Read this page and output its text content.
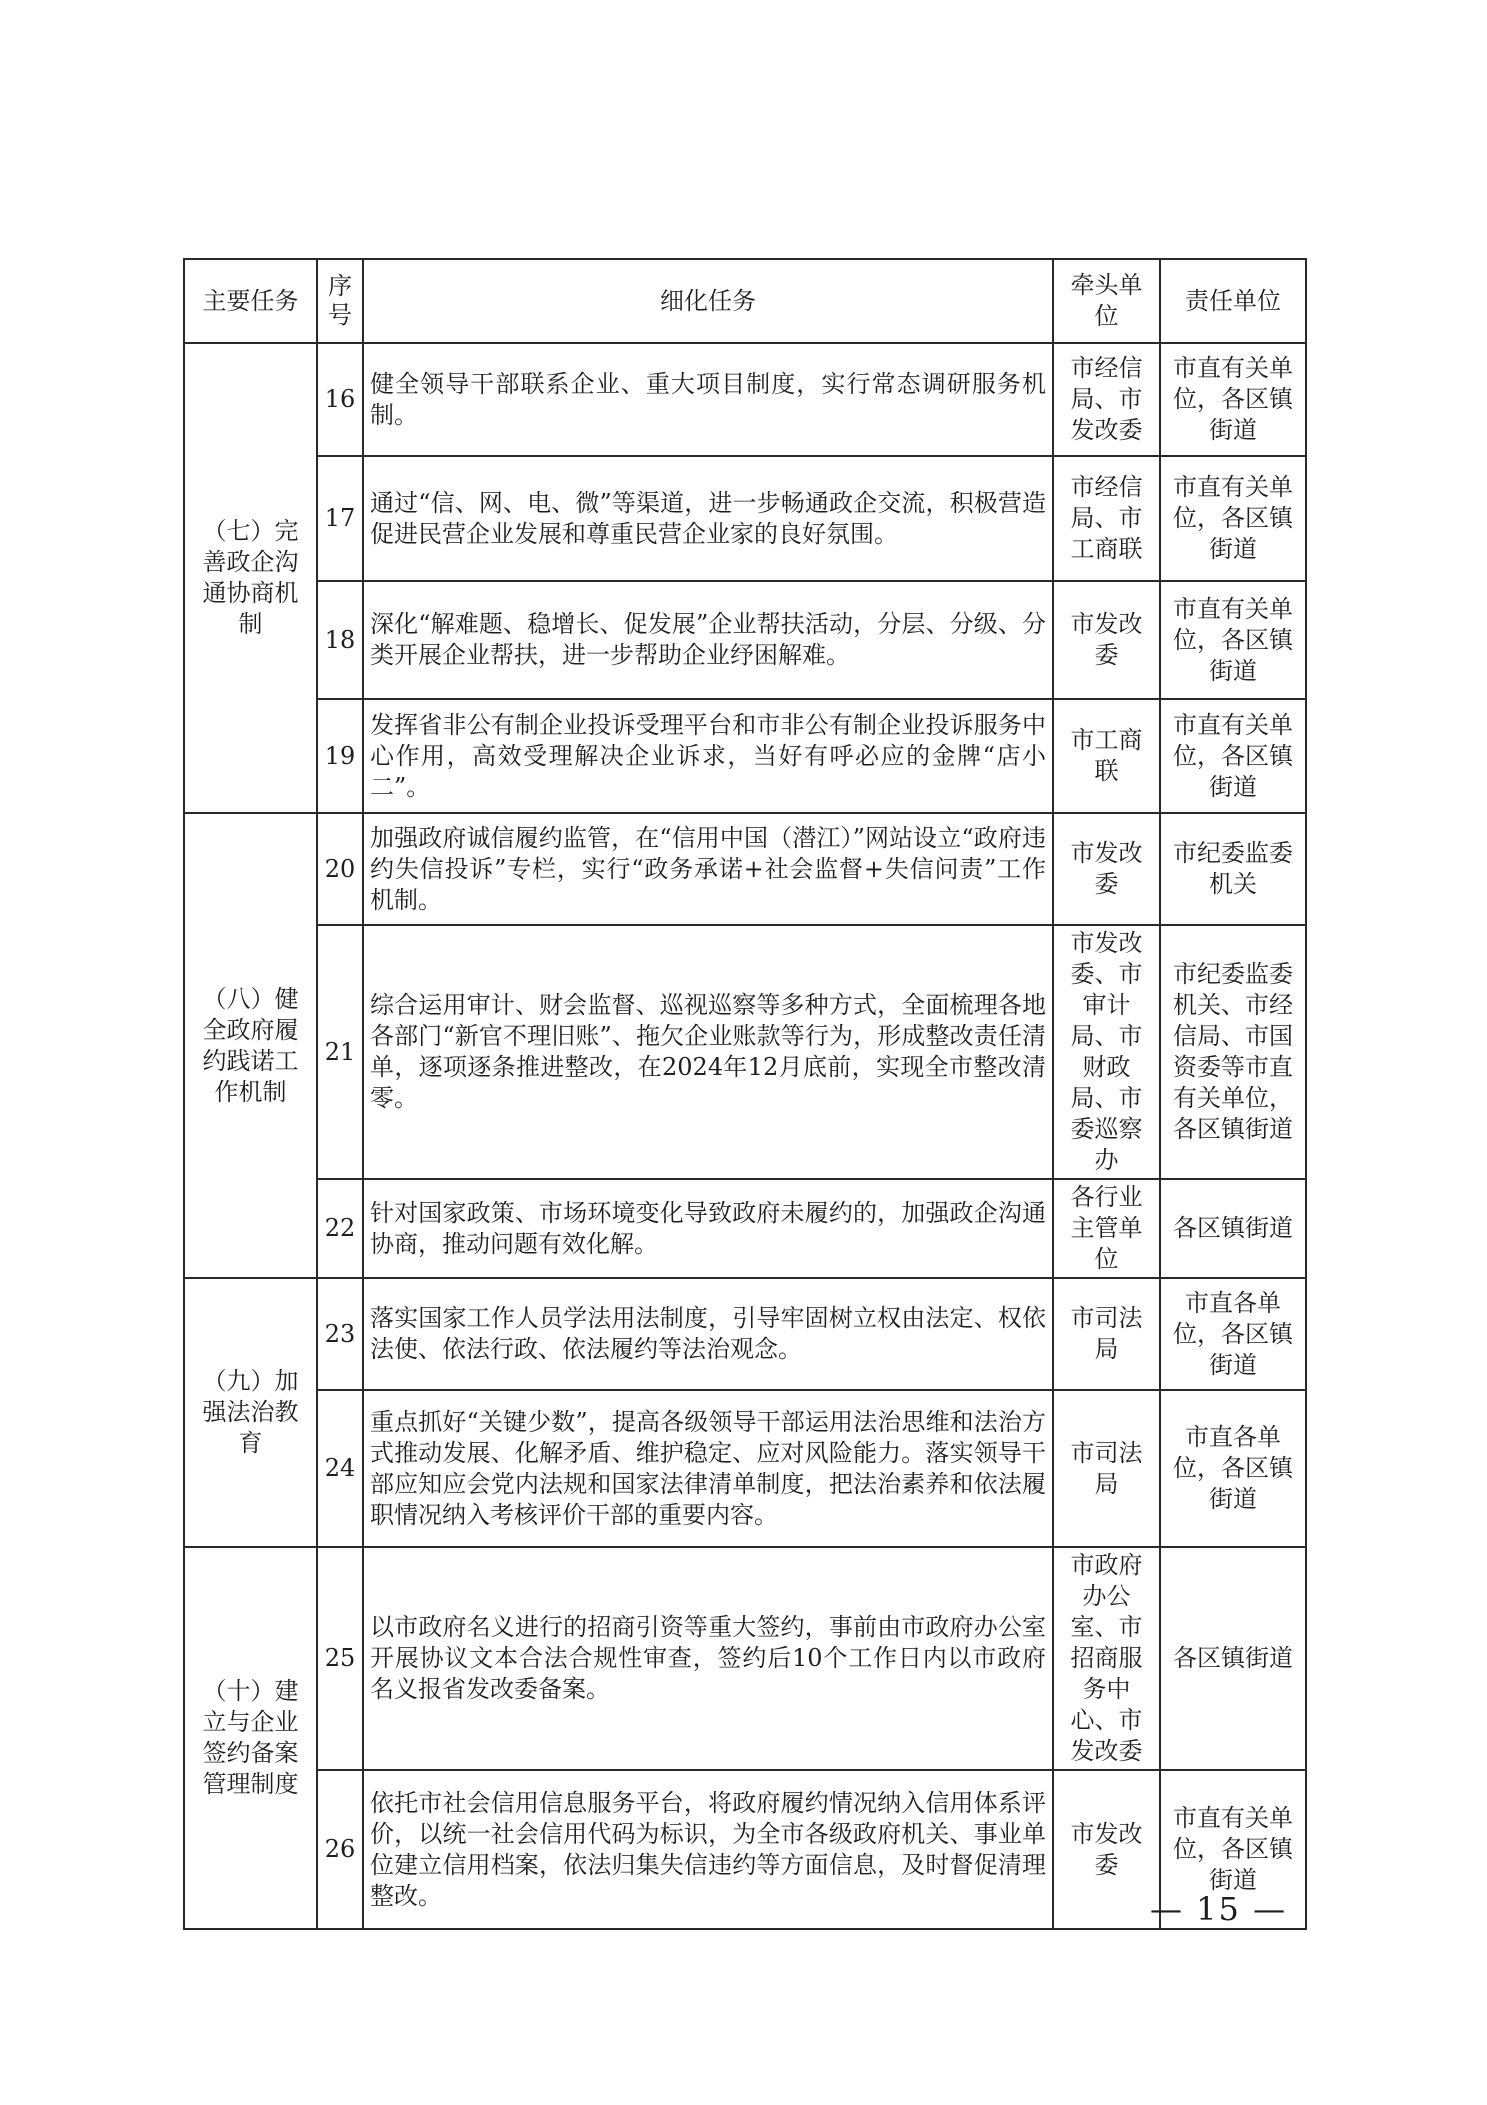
主要任务	序号	细化任务	牵头单位	责任单位
（七）完善政企沟通协商机制	16	健全领导干部联系企业、重大项目制度，实行常态调研服务机制。	市经信局、市发改委	市直有关单位，各区镇街道
	17	通过“信、网、电、微”等渠道，进一步畅通政企交流，积极营造促进民营企业发展和尊重民营企业家的良好氛围。	市经信局、市工商联	市直有关单位，各区镇街道
	18	深化“解难题、稳增长、促发展”企业帮扶活动，分层、分级、分类开展企业帮扶，进一步帮助企业纾困解难。	市发改委	市直有关单位，各区镇街道
	19	发挥省非公有制企业投诉受理平台和市非公有制企业投诉服务中心作用，高效受理解决企业诉求，当好有呼必应的金牌“店小二”。	市工商联	市直有关单位，各区镇街道
（八）健全政府履约践诺工作机制	20	加强政府诚信履约监管，在“信用中国（潜江）”网站设立“政府违约失信投诉”专栏，实行“政务承诺+社会监督+失信问责”工作机制。	市发改委	市纪委监委机关
	21	综合运用审计、财会监督、巡视巡察等多种方式，全面梳理各地各部门“新官不理旧账”、拖欠企业账款等行为，形成整改责任清单，逐项逐条推进整改，在2024年12月底前，实现全市整改清零。	市发改委、市审计局、市财政局、市委巡察办	市纪委监委机关、市经信局、市国资委等市直有关单位，各区镇街道
	22	针对国家政策、市场环境变化导致政府未履约的，加强政企沟通协商，推动问题有效化解。	各行业主管单位	各区镇街道
（九）加强法治教育	23	落实国家工作人员学法用法制度，引导牢固树立权由法定、权依法使、依法行政、依法履约等法治观念。	市司法局	市直各单位，各区镇街道
	24	重点抓好“关键少数”，提高各级领导干部运用法治思维和法治方式推动发展、化解矛盾、维护稳定、应对风险能力。落实领导干部应知应会党内法规和国家法律清单制度，把法治素养和依法履职情况纳入考核评价干部的重要内容。	市司法局	市直各单位，各区镇街道
（十）建立与企业签约备案管理制度	25	以市政府名义进行的招商引资等重大签约，事前由市政府办公室开展协议文本合法合规性审查，签约后10个工作日内以市政府名义报省发改委备案。	市政府办公室、市招商服务中心、市发改委	各区镇街道
	26	依托市社会信用信息服务平台，将政府履约情况纳入信用体系评价，以统一社会信用代码为标识，为全市各级政府机关、事业单位建立信用档案，依法归集失信违约等方面信息，及时督促清理整改。	市发改委	市直有关单位，各区镇街道
— 15 —
